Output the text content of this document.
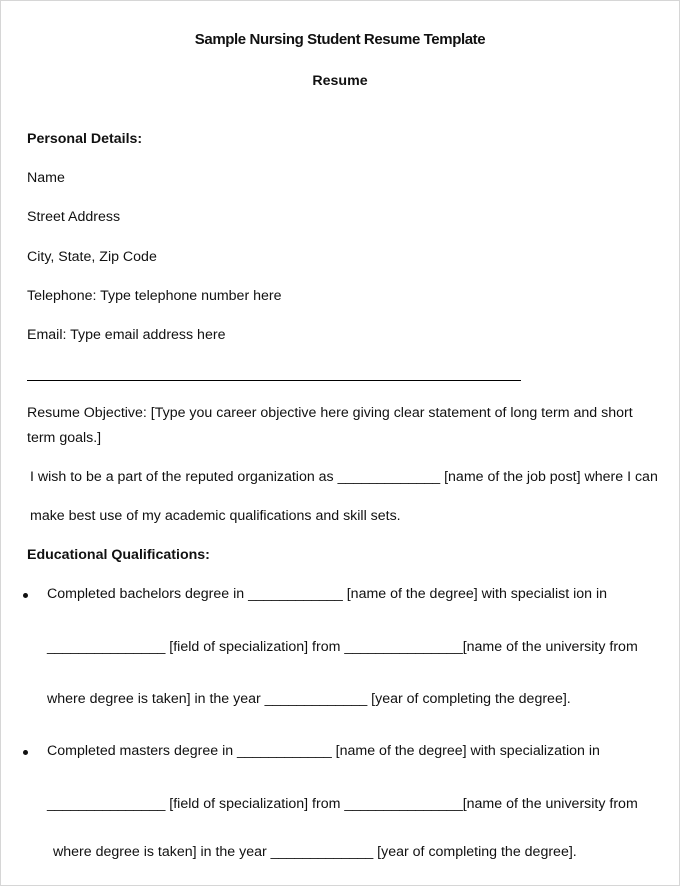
Sample Nursing Student Resume Template
Resume
Personal Details:
Name
Street Address
City, State, Zip Code
Telephone: Type telephone number here
Email: Type email address here
Resume Objective: [Type you career objective here giving clear statement of long term and short
term goals.]
I wish to be a part of the reputed organization as _____________ [name of the job post] where I can
make best use of my academic qualifications and skill sets.
Educational Qualifications:
Completed bachelors degree in ____________ [name of the degree] with specialist ion in
_______________ [field of specialization] from _______________[name of the university from
where degree is taken] in the year _____________ [year of completing the degree].
Completed masters degree in ____________ [name of the degree] with specialization in
_______________ [field of specialization] from _______________[name of the university from
where degree is taken] in the year _____________ [year of completing the degree].
